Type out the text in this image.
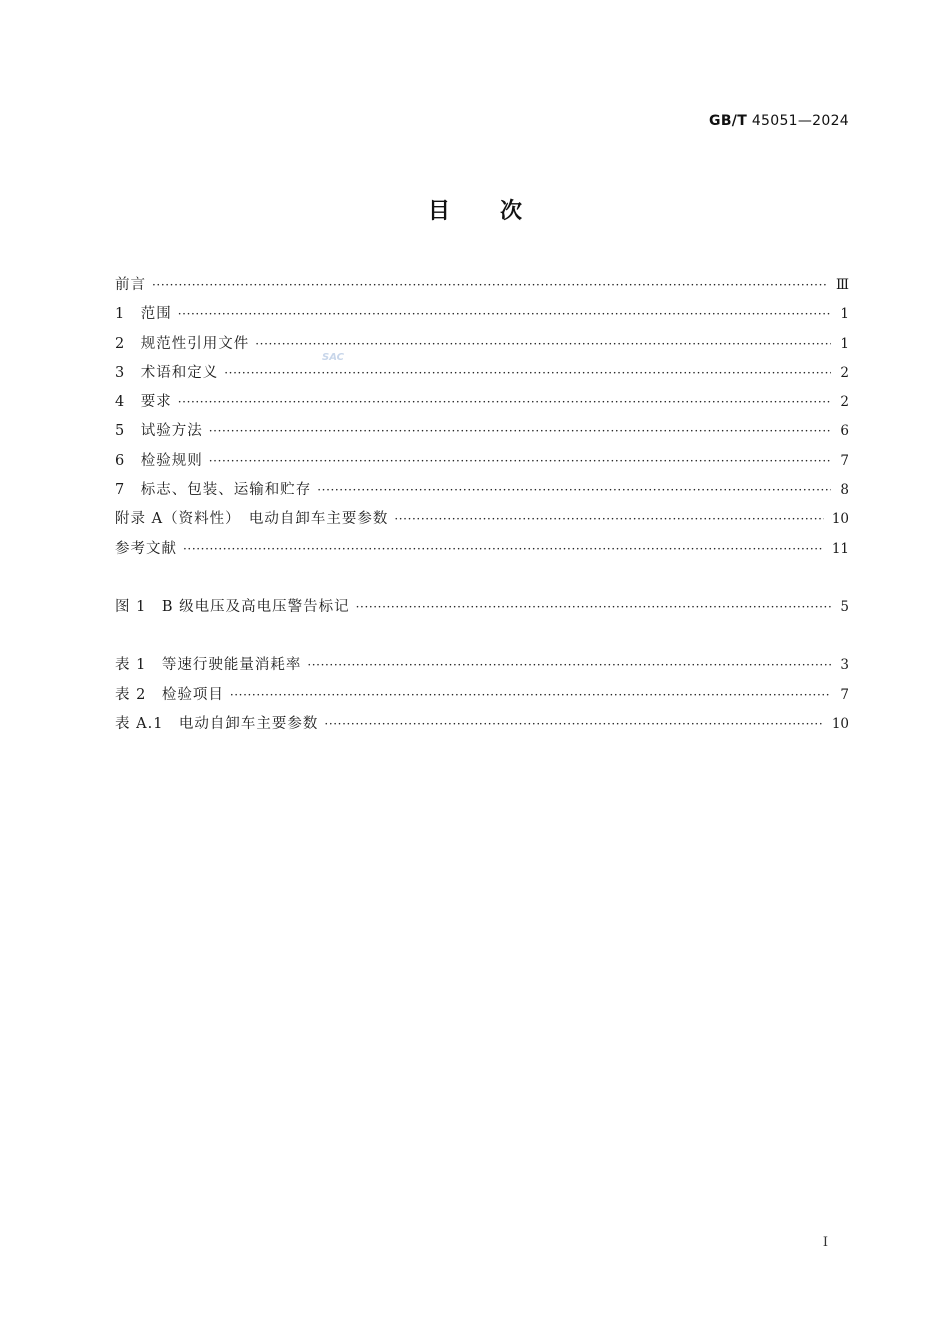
GB/T 45051—2024
目次
SAC
前言 ·····	Ⅲ
1　范围 ·····	1
2　规范性引用文件 ·····	1
3　术语和定义 ·····	2
4　要求 ·····	2
5　试验方法 ·····	6
6　检验规则 ·····	7
7　标志、包装、运输和贮存 ·····	8
附录 A（资料性）　电动自卸车主要参数 ·····	10
参考文献 ·····	11
图 1　B 级电压及高电压警告标记 ·····	5
表 1　等速行驶能量消耗率 ·····	3
表 2　检验项目 ·····	7
表 A.1　电动自卸车主要参数 ·····	10
I
